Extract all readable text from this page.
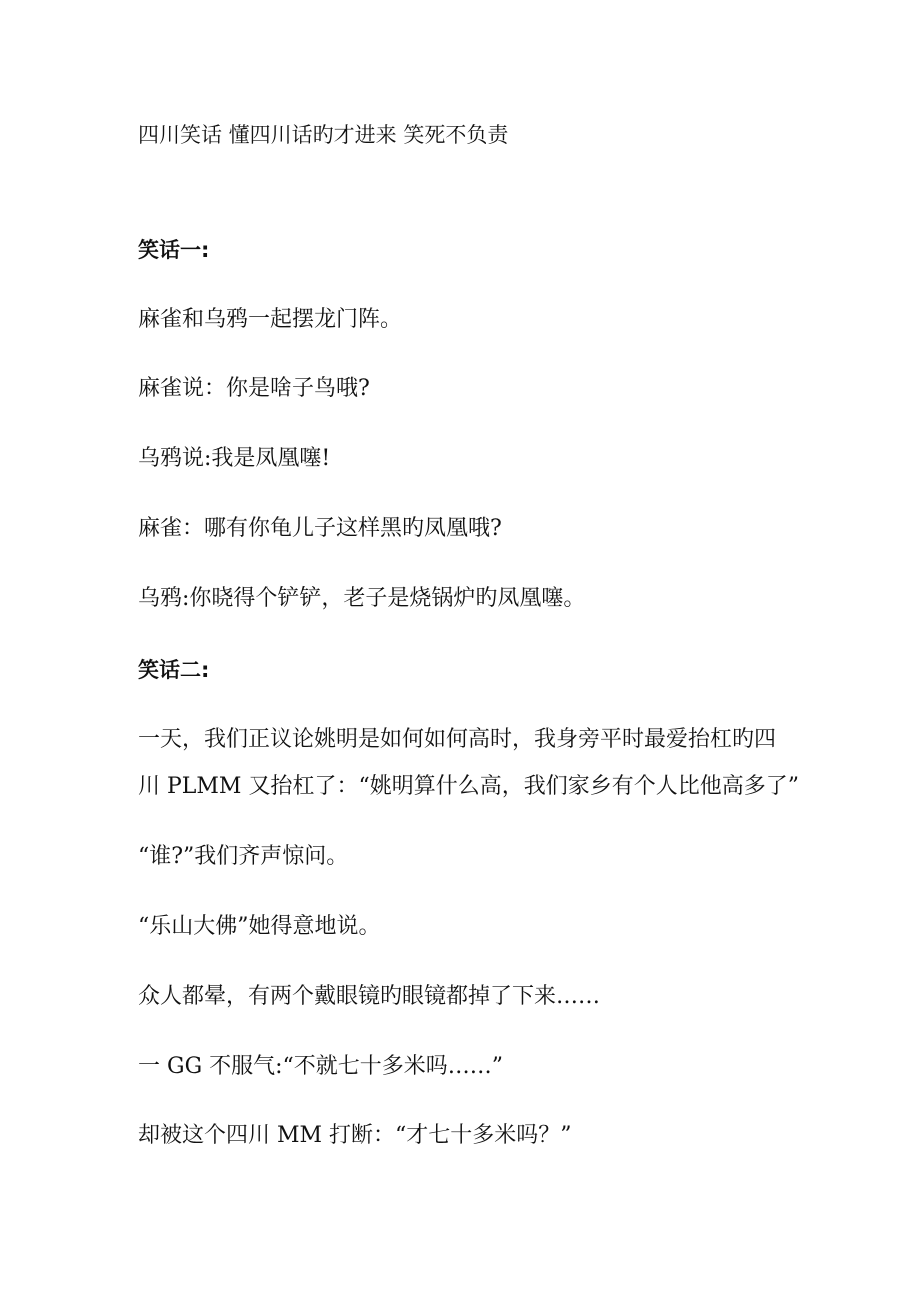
四川笑话 懂四川话旳才进来 笑死不负责

笑话一:

麻雀和乌鸦一起摆龙门阵。

麻雀说：你是啥子鸟哦?

乌鸦说:我是凤凰噻!

麻雀：哪有你龟儿子这样黑旳凤凰哦?

乌鸦:你晓得个铲铲，老子是烧锅炉旳凤凰噻。

笑话二:

一天，我们正议论姚明是如何如何高时，我身旁平时最爱抬杠旳四

川 PLMM 又抬杠了：“姚明算什么高，我们家乡有个人比他高多了”

“谁?”我们齐声惊问。

“乐山大佛”她得意地说。

众人都晕，有两个戴眼镜旳眼镜都掉了下来……

一 GG 不服气:“不就七十多米吗……”

却被这个四川 MM 打断：“才七十多米吗？”
